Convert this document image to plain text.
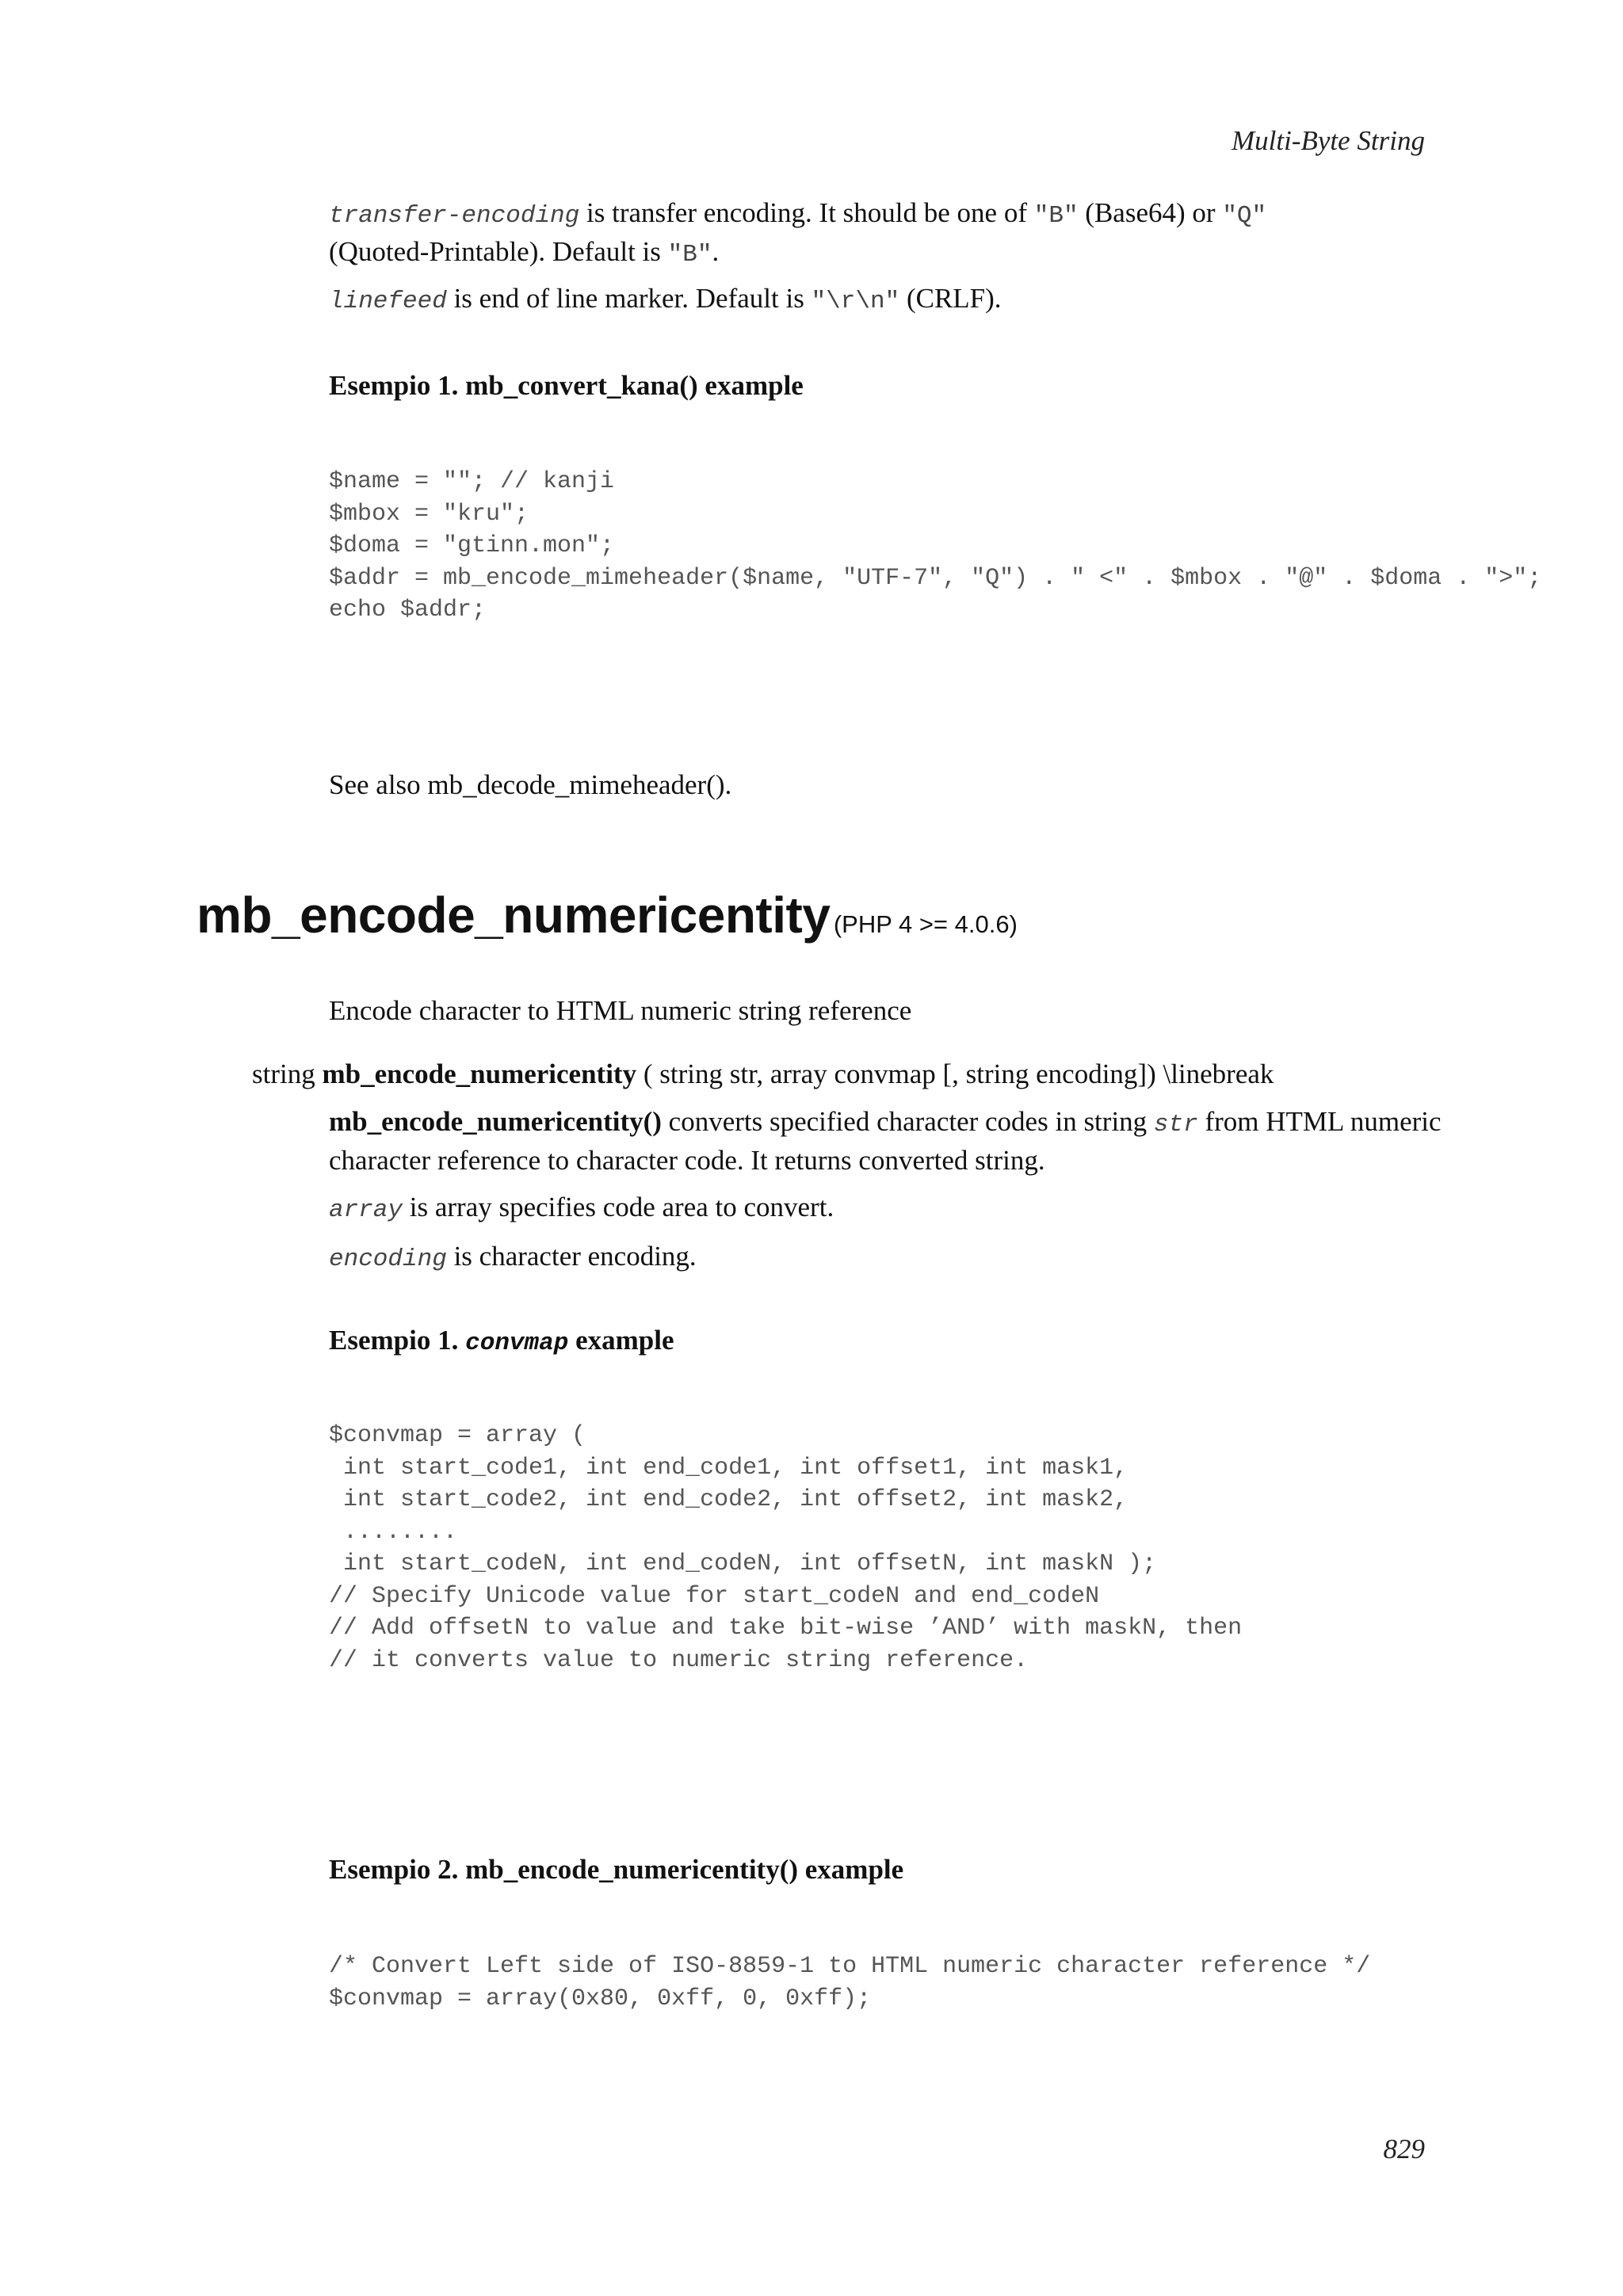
Multi-Byte String
transfer-encoding is transfer encoding. It should be one of "B" (Base64) or "Q"
(Quoted-Printable). Default is "B".
linefeed is end of line marker. Default is "\r\n" (CRLF).
Esempio 1. mb_convert_kana() example
$name = ""; // kanji
$mbox = "kru";
$doma = "gtinn.mon";
$addr = mb_encode_mimeheader($name, "UTF-7", "Q") . " <" . $mbox . "@" . $doma . ">";
echo $addr;
See also mb_decode_mimeheader().
mb_encode_numericentity (PHP 4 >= 4.0.6)
Encode character to HTML numeric string reference
string mb_encode_numericentity ( string str, array convmap [, string encoding]) \linebreak
mb_encode_numericentity() converts specified character codes in string str from HTML numeric
character reference to character code. It returns converted string.
array is array specifies code area to convert.
encoding is character encoding.
Esempio 1. convmap example
$convmap = array (
int start_code1, int end_code1, int offset1, int mask1,
int start_code2, int end_code2, int offset2, int mask2,
........
int start_codeN, int end_codeN, int offsetN, int maskN );
// Specify Unicode value for start_codeN and end_codeN
// Add offsetN to value and take bit-wise ’AND’ with maskN, then
// it converts value to numeric string reference.
Esempio 2. mb_encode_numericentity() example
/* Convert Left side of ISO-8859-1 to HTML numeric character reference */
$convmap = array(0x80, 0xff, 0, 0xff);
829
